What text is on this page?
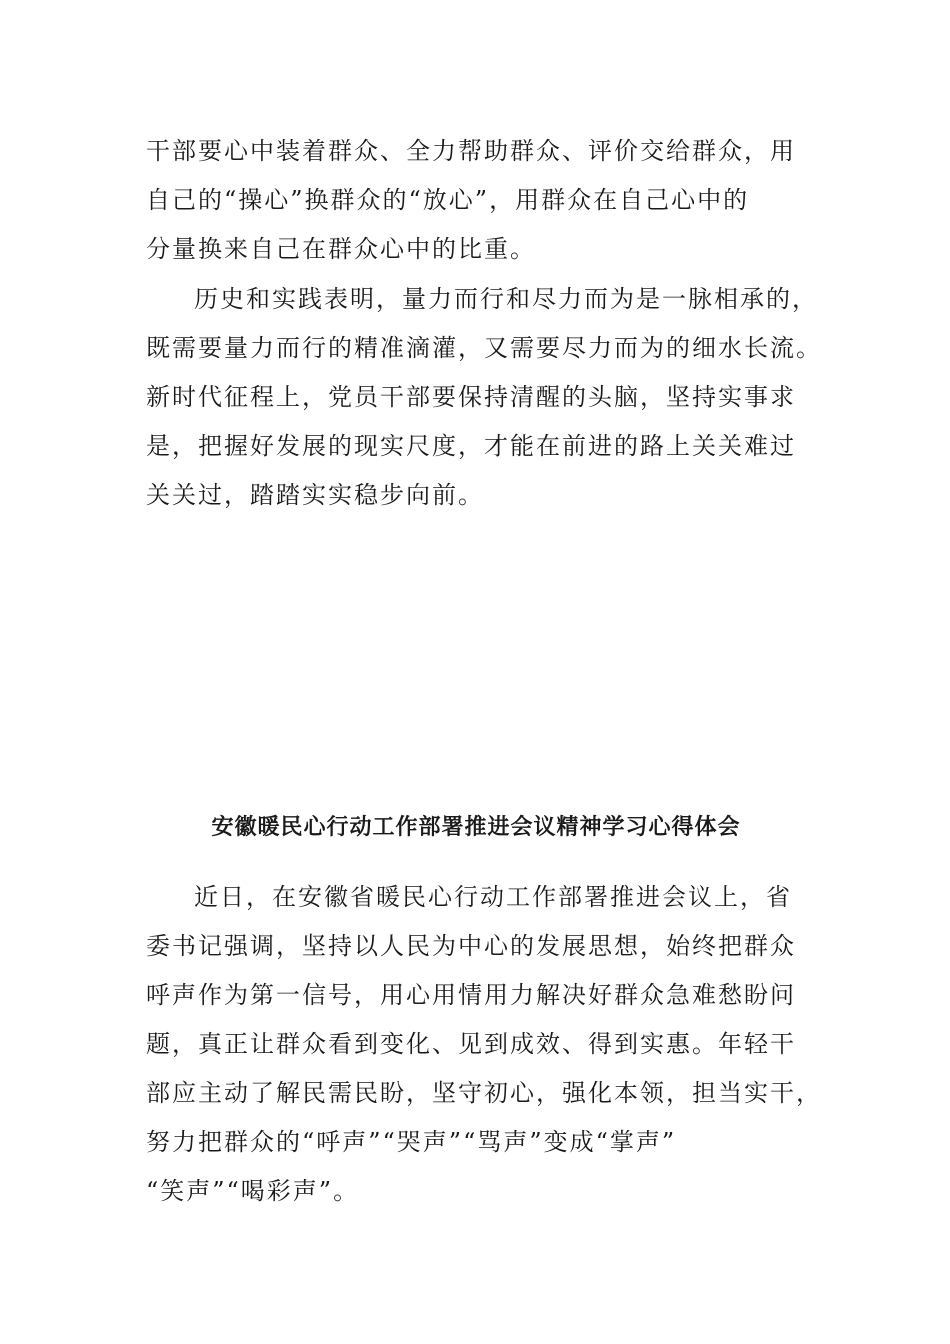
干部要心中装着群众、全力帮助群众、评价交给群众，用
自己的“操心”换群众的“放心”，用群众在自己心中的
分量换来自己在群众心中的比重。
历史和实践表明，量力而行和尽力而为是一脉相承的，
既需要量力而行的精准滴灌，又需要尽力而为的细水长流。
新时代征程上，党员干部要保持清醒的头脑，坚持实事求
是，把握好发展的现实尺度，才能在前进的路上关关难过
关关过，踏踏实实稳步向前。
安徽暖民心行动工作部署推进会议精神学习心得体会
近日，在安徽省暖民心行动工作部署推进会议上，省
委书记强调，坚持以人民为中心的发展思想，始终把群众
呼声作为第一信号，用心用情用力解决好群众急难愁盼问
题，真正让群众看到变化、见到成效、得到实惠。年轻干
部应主动了解民需民盼，坚守初心，强化本领，担当实干，
努力把群众的“呼声”“哭声”“骂声”变成“掌声”
“笑声”“喝彩声”。
